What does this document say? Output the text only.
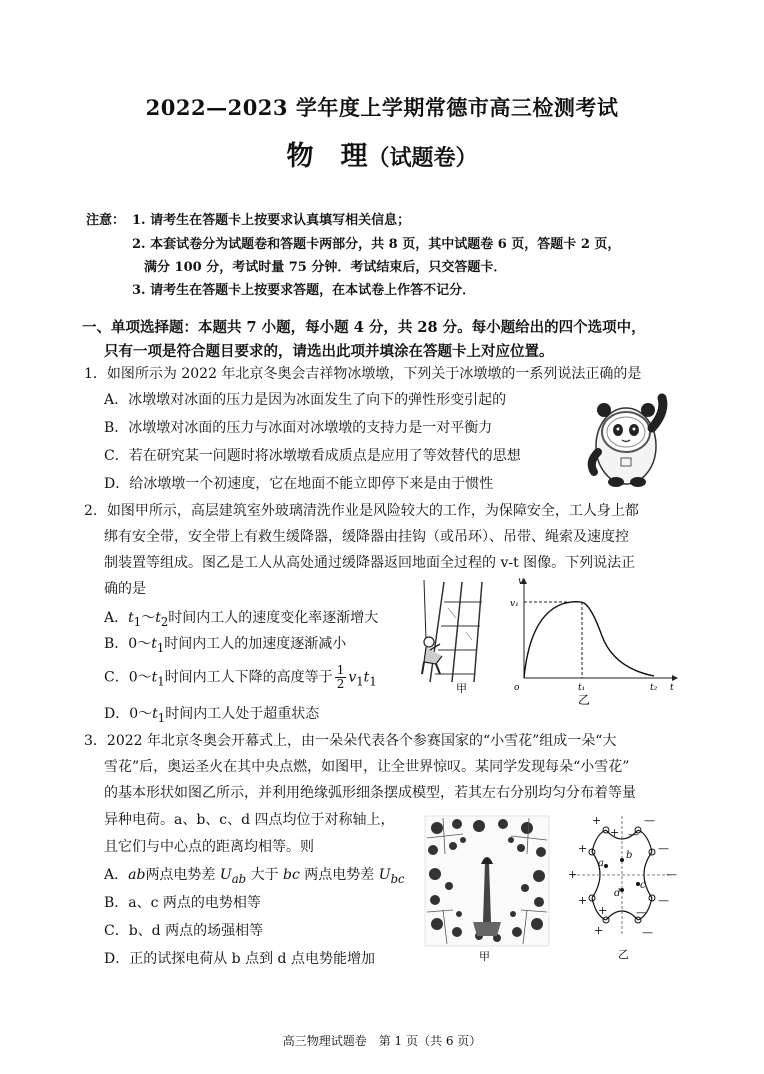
2022—2023 学年度上学期常德市高三检测考试
物　理（试题卷）
注意： 1. 请考生在答题卡上按要求认真填写相关信息；
2. 本套试卷分为试题卷和答题卡两部分，共 8 页，其中试题卷 6 页，答题卡 2 页，
满分 100 分，考试时量 75 分钟．考试结束后，只交答题卡．
3. 请考生在答题卡上按要求答题，在本试卷上作答不记分．
一、单项选择题：本题共 7 小题，每小题 4 分，共 28 分。每小题给出的四个选项中，
只有一项是符合题目要求的，请选出此项并填涂在答题卡上对应位置。
1．如图所示为 2022 年北京冬奥会吉祥物冰墩墩，下列关于冰墩墩的一系列说法正确的是
A．冰墩墩对冰面的压力是因为冰面发生了向下的弹性形变引起的
B．冰墩墩对冰面的压力与冰面对冰墩墩的支持力是一对平衡力
C．若在研究某一问题时将冰墩墩看成质点是应用了等效替代的思想
D．给冰墩墩一个初速度，它在地面不能立即停下来是由于惯性
2．如图甲所示，高层建筑室外玻璃清洗作业是风险较大的工作，为保障安全，工人身上都
绑有安全带，安全带上有救生缓降器，缓降器由挂钩（或吊环）、吊带、绳索及速度控
制装置等组成。图乙是工人从高处通过缓降器返回地面全过程的 v-t 图像。下列说法正
确的是
A．$t_1\sim t_2$时间内工人的速度变化率逐渐增大
B．$0\sim t_1$时间内工人的加速度逐渐减小
C．$0\sim t_1$时间内工人下降的高度等于 $\frac{1}{2} v_1t_1$
D．$0\sim t_1$时间内工人处于超重状态
甲
v
v₁
o	t₁	t₂ t
乙
3．2022 年北京冬奥会开幕式上，由一朵朵代表各个参赛国家的“小雪花”组成一朵“大
雪花”后，奥运圣火在其中央点燃，如图甲，让全世界惊叹。某同学发现每朵“小雪花”
的基本形状如图乙所示，并利用绝缘弧形细条摆成模型，若其左右分别均匀分布着等量
异种电荷。a、b、c、d 四点均位于对称轴上，
且它们与中心点的距离均相等。则
A．ab两点电势差 $U_{ab}$ 大于 bc 两点电势差 $U_{bc}$
B．a、c 两点的电势相等
C．b、d 两点的场强相等
D．正的试探电荷从 b 点到 d 点电势能增加	甲
a
b
c
d
+
+
+
+
+
+
+
—
—
—
—
—
—
—
乙
高三物理试题卷　第 1 页（共 6 页）
